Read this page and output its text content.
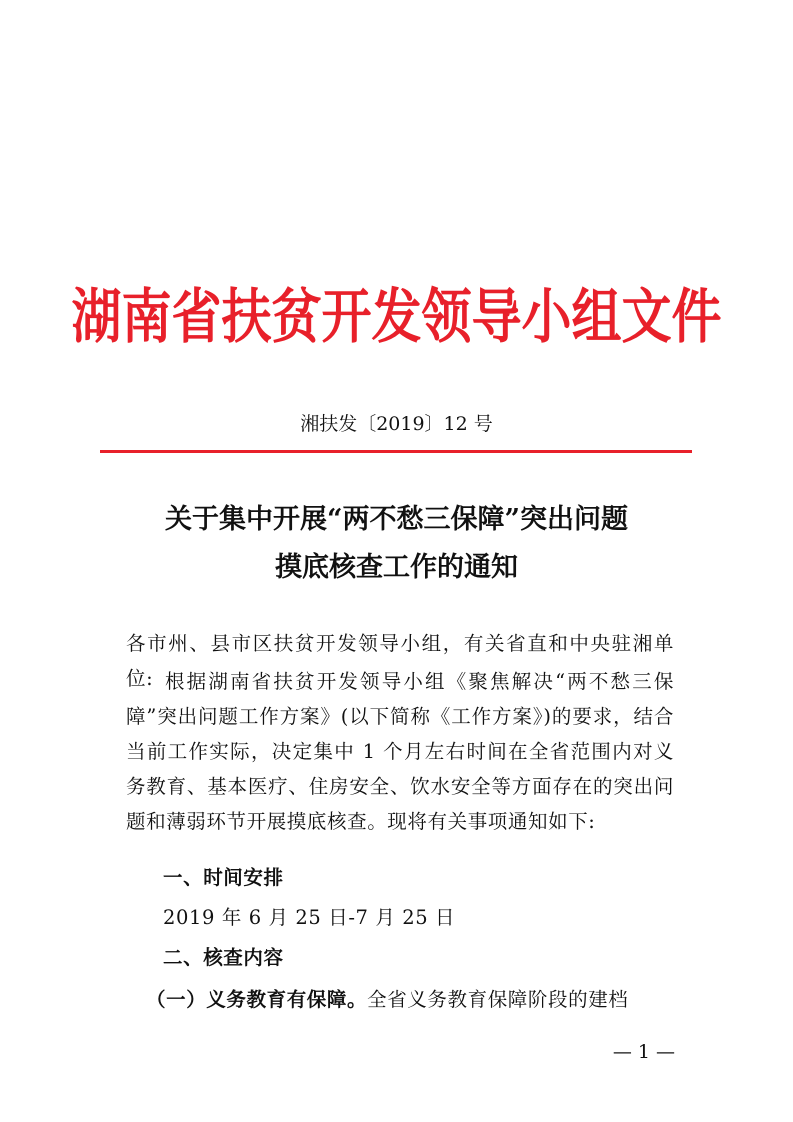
湖南省扶贫开发领导小组文件
湘扶发〔2019〕12 号
关于集中开展“两不愁三保障”突出问题
摸底核查工作的通知

各市州、县市区扶贫开发领导小组，有关省直和中央驻湘单位: 根据湖南省扶贫开发领导小组《聚焦解决“两不愁三保障”突出问题工作方案》(以下简称《工作方案》)的要求，结合当前工作实际，决定集中 1 个月左右时间在全省范围内对义务教育、基本医疗、住房安全、饮水安全等方面存在的突出问题和薄弱环节开展摸底核查。现将有关事项通知如下:

一、时间安排

2019 年 6 月 25 日-7 月 25 日

二、核查内容

（一）义务教育有保障。全省义务教育保障阶段的建档

— 1 —
